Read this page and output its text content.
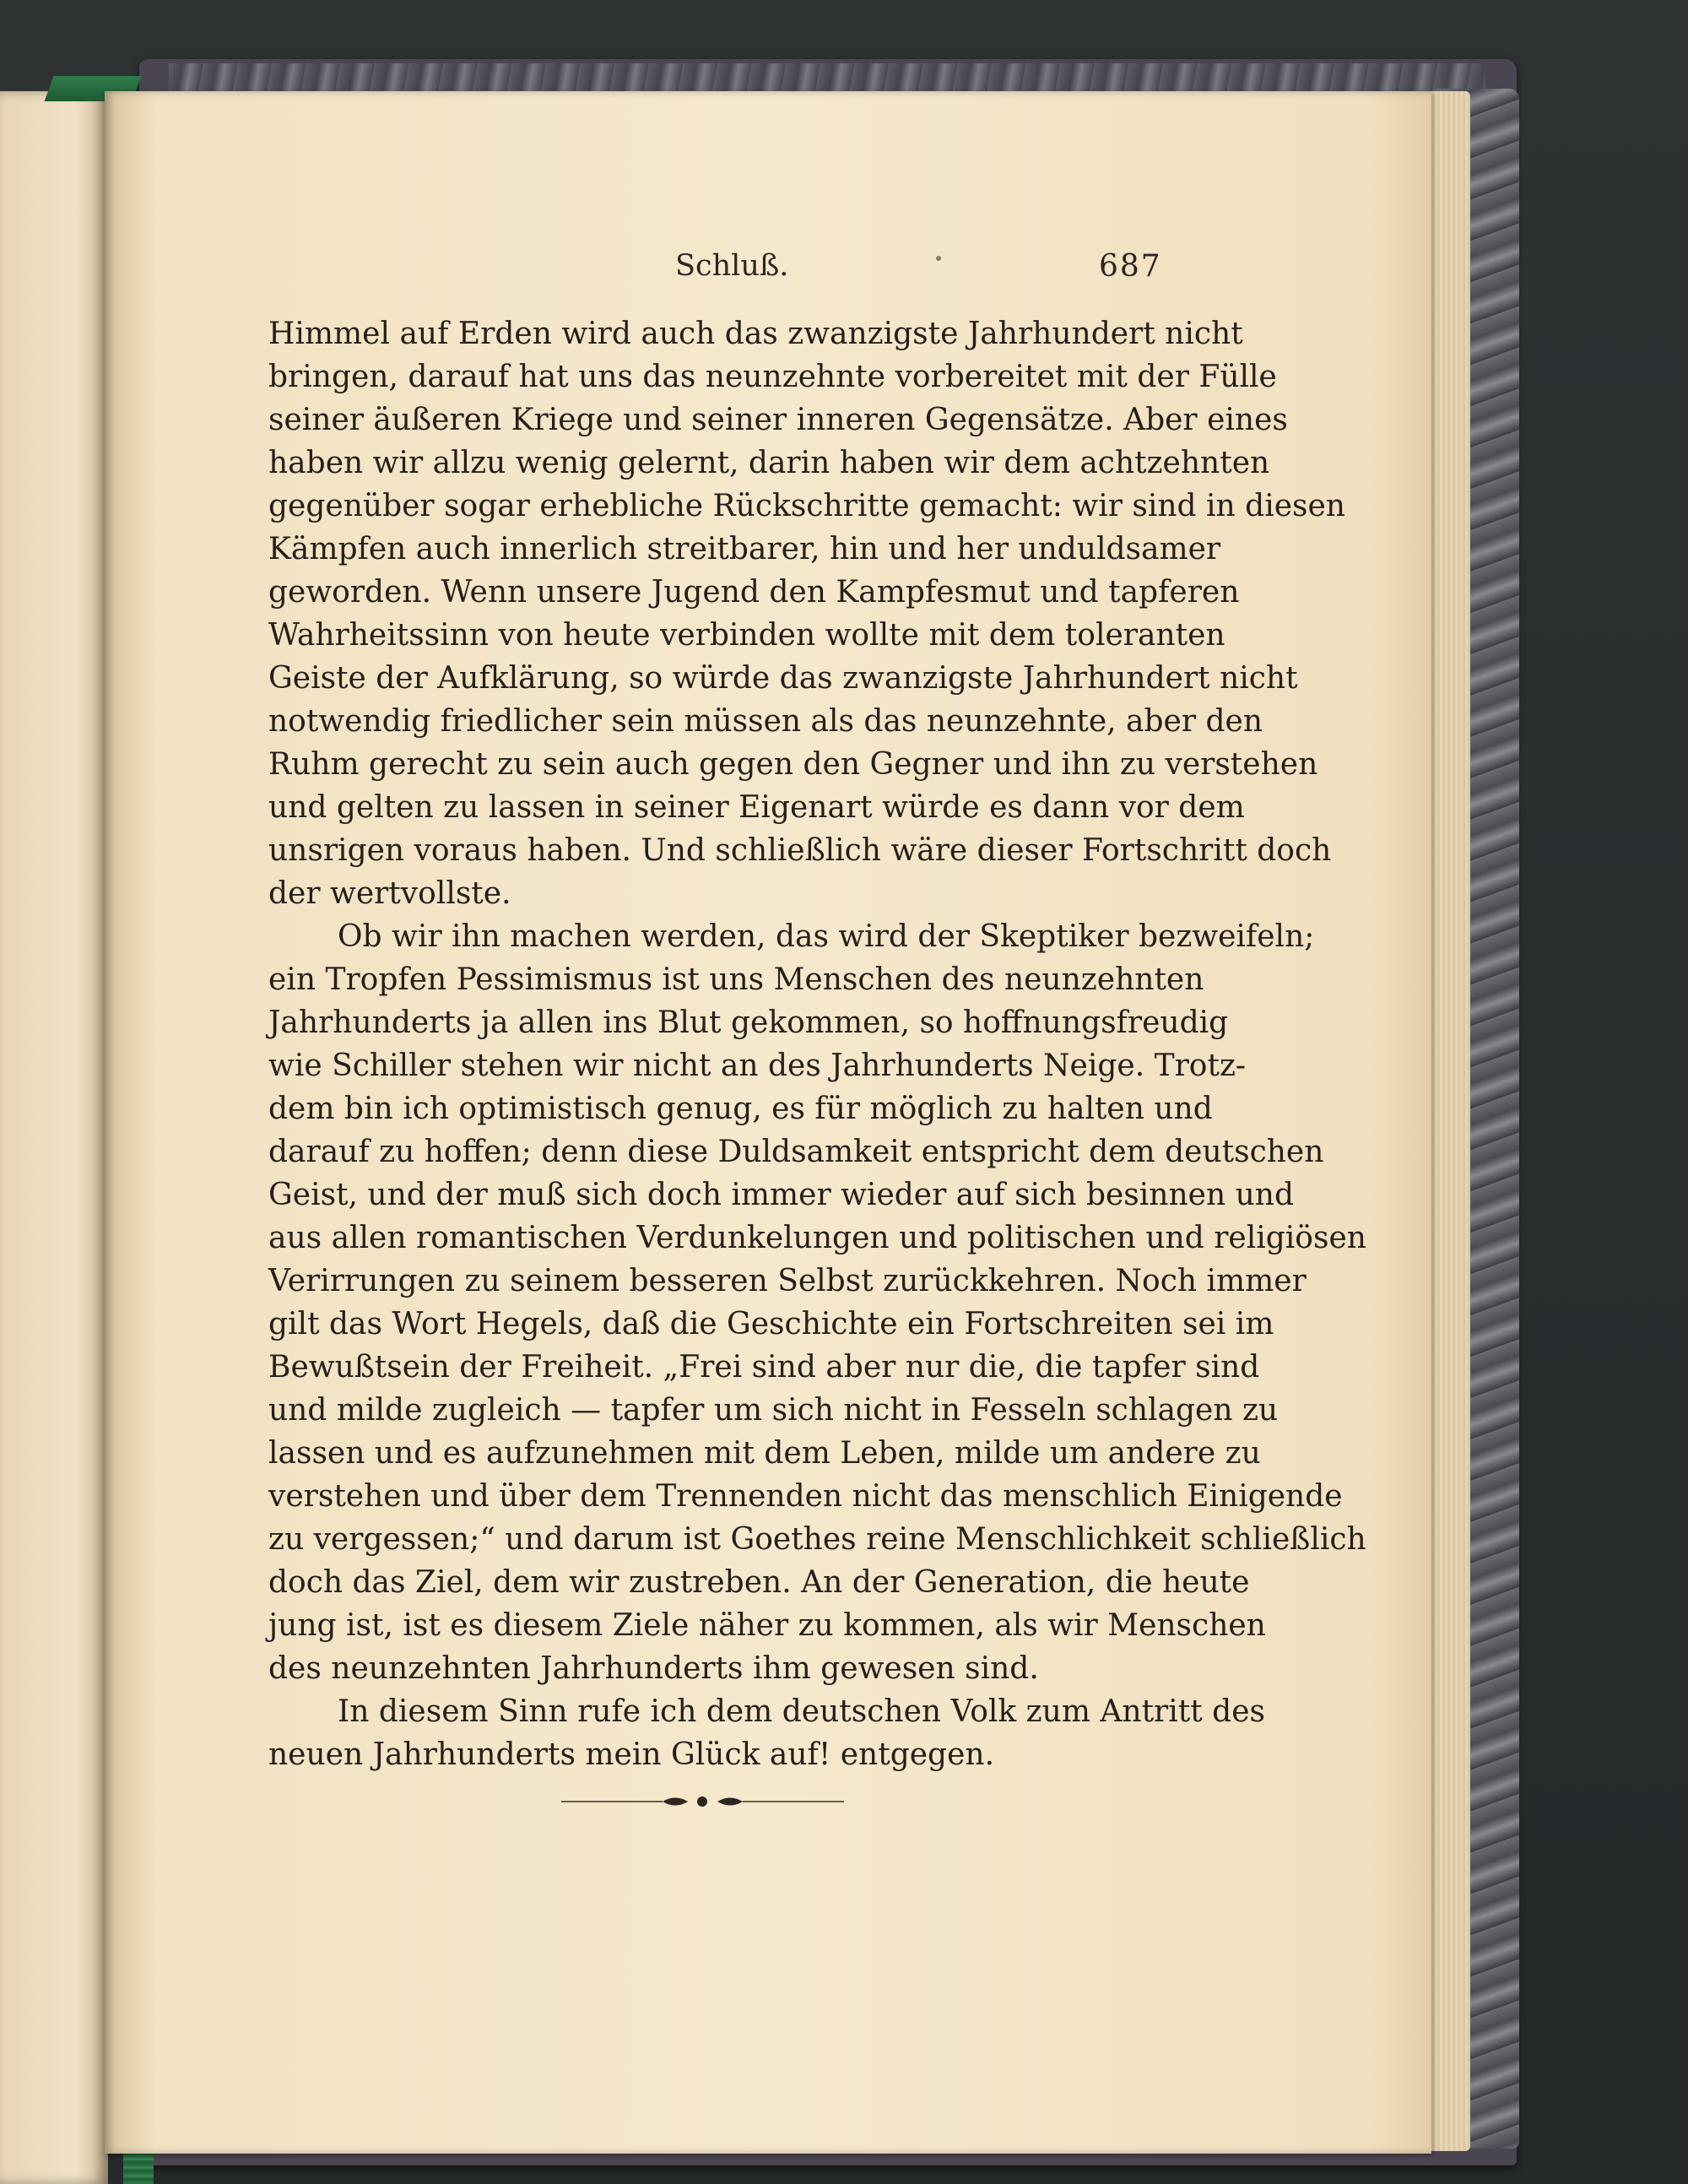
Schluß.	687
Himmel auf Erden wird auch das zwanzigste Jahrhundert nicht
bringen, darauf hat uns das neunzehnte vorbereitet mit der Fülle
seiner äußeren Kriege und seiner inneren Gegensätze. Aber eines
haben wir allzu wenig gelernt, darin haben wir dem achtzehnten
gegenüber sogar erhebliche Rückschritte gemacht: wir sind in diesen
Kämpfen auch innerlich streitbarer, hin und her unduldsamer
geworden. Wenn unsere Jugend den Kampfesmut und tapferen
Wahrheitssinn von heute verbinden wollte mit dem toleranten
Geiste der Aufklärung, so würde das zwanzigste Jahrhundert nicht
notwendig friedlicher sein müssen als das neunzehnte, aber den
Ruhm gerecht zu sein auch gegen den Gegner und ihn zu verstehen
und gelten zu lassen in seiner Eigenart würde es dann vor dem
unsrigen voraus haben. Und schließlich wäre dieser Fortschritt doch
der wertvollste.
Ob wir ihn machen werden, das wird der Skeptiker bezweifeln;
ein Tropfen Pessimismus ist uns Menschen des neunzehnten
Jahrhunderts ja allen ins Blut gekommen, so hoffnungsfreudig
wie Schiller stehen wir nicht an des Jahrhunderts Neige. Trotz-
dem bin ich optimistisch genug, es für möglich zu halten und
darauf zu hoffen; denn diese Duldsamkeit entspricht dem deutschen
Geist, und der muß sich doch immer wieder auf sich besinnen und
aus allen romantischen Verdunkelungen und politischen und religiösen
Verirrungen zu seinem besseren Selbst zurückkehren. Noch immer
gilt das Wort Hegels, daß die Geschichte ein Fortschreiten sei im
Bewußtsein der Freiheit. „Frei sind aber nur die, die tapfer sind
und milde zugleich — tapfer um sich nicht in Fesseln schlagen zu
lassen und es aufzunehmen mit dem Leben, milde um andere zu
verstehen und über dem Trennenden nicht das menschlich Einigende
zu vergessen;“ und darum ist Goethes reine Menschlichkeit schließlich
doch das Ziel, dem wir zustreben. An der Generation, die heute
jung ist, ist es diesem Ziele näher zu kommen, als wir Menschen
des neunzehnten Jahrhunderts ihm gewesen sind.
In diesem Sinn rufe ich dem deutschen Volk zum Antritt des
neuen Jahrhunderts mein Glück auf! entgegen.
